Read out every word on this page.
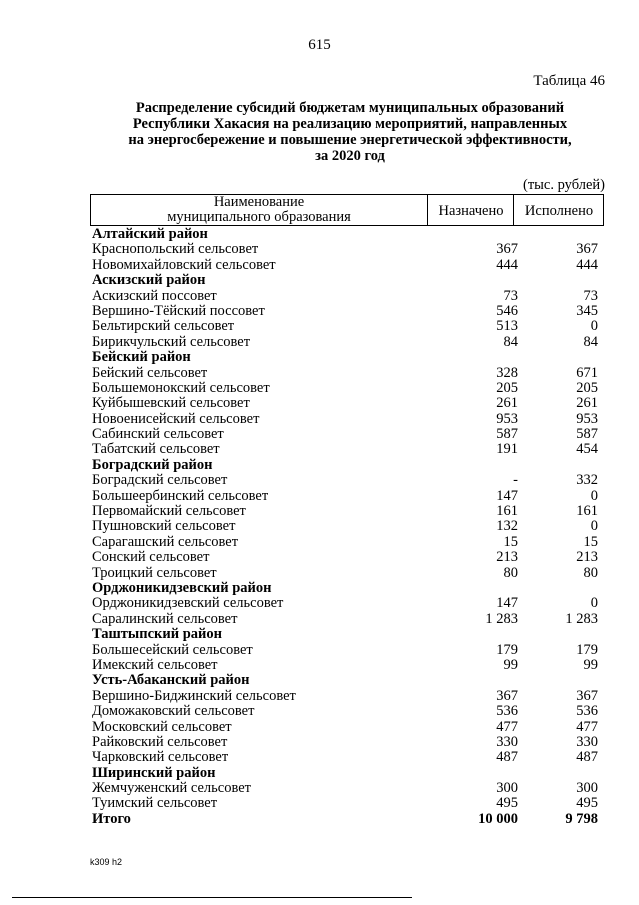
615
Таблица 46
Распределение субсидий бюджетам муниципальных образований
Республики Хакасия на реализацию мероприятий, направленных
на энергосбережение и повышение энергетической эффективности,
за 2020 год
(тыс. рублей)
Наименование
муниципального образования	Назначено	Исполнено
Алтайский район
Краснопольский сельсовет	367	367
Новомихайловский сельсовет	444	444
Аскизский район
Аскизский поссовет	73	73
Вершино-Тёйский поссовет	546	345
Бельтирский сельсовет	513	0
Бирикчульский сельсовет	84	84
Бейский район
Бейский сельсовет	328	671
Большемонокский сельсовет	205	205
Куйбышевский сельсовет	261	261
Новоенисейский сельсовет	953	953
Сабинский сельсовет	587	587
Табатский сельсовет	191	454
Боградский район
Боградский сельсовет	-	332
Большеербинский сельсовет	147	0
Первомайский сельсовет	161	161
Пушновский сельсовет	132	0
Сарагашский сельсовет	15	15
Сонский сельсовет	213	213
Троицкий сельсовет	80	80
Орджоникидзевский район
Орджоникидзевский сельсовет	147	0
Саралинский сельсовет	1 283	1 283
Таштыпский район
Большесейский сельсовет	179	179
Имекский сельсовет	99	99
Усть-Абаканский район
Вершино-Биджинский сельсовет	367	367
Доможаковский сельсовет	536	536
Московский сельсовет	477	477
Райковский сельсовет	330	330
Чарковский сельсовет	487	487
Ширинский район
Жемчуженский сельсовет	300	300
Туимский сельсовет	495	495
Итого	10 000	9 798
k309 h2
